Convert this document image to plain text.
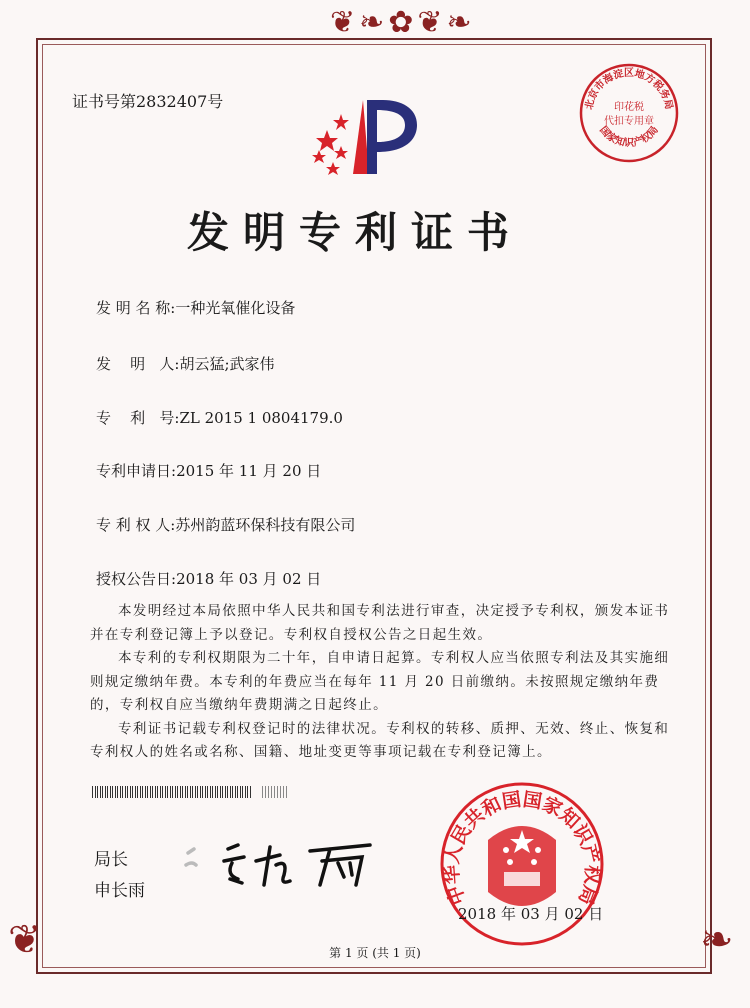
❦❧✿❦❧
❦	❧
证书号第2832407号	北京市海淀区地方税务局
国家知识产权局
印花税
代扣专用章
发明专利证书
发 明 名 称:一种光氧催化设备
发    明   人:胡云猛;武家伟
专    利   号:ZL 2015 1 0804179.0
专利申请日:2015 年 11 月 20 日
专 利 权 人:苏州韵蓝环保科技有限公司
授权公告日:2018 年 03 月 02 日

本发明经过本局依照中华人民共和国专利法进行审查，决定授予专利权，颁发本证书并在专利登记簿上予以登记。专利权自授权公告之日起生效。

本专利的专利权期限为二十年，自申请日起算。专利权人应当依照专利法及其实施细则规定缴纳年费。本专利的年费应当在每年 11 月 20 日前缴纳。未按照规定缴纳年费的，专利权自应当缴纳年费期满之日起终止。

专利证书记载专利权登记时的法律状况。专利权的转移、质押、无效、终止、恢复和专利权人的姓名或名称、国籍、地址变更等事项记载在专利登记簿上。

局长
申长雨	中华人民共和国国家知识产权局
2018 年 03 月 02 日
第 1 页 (共 1 页)
